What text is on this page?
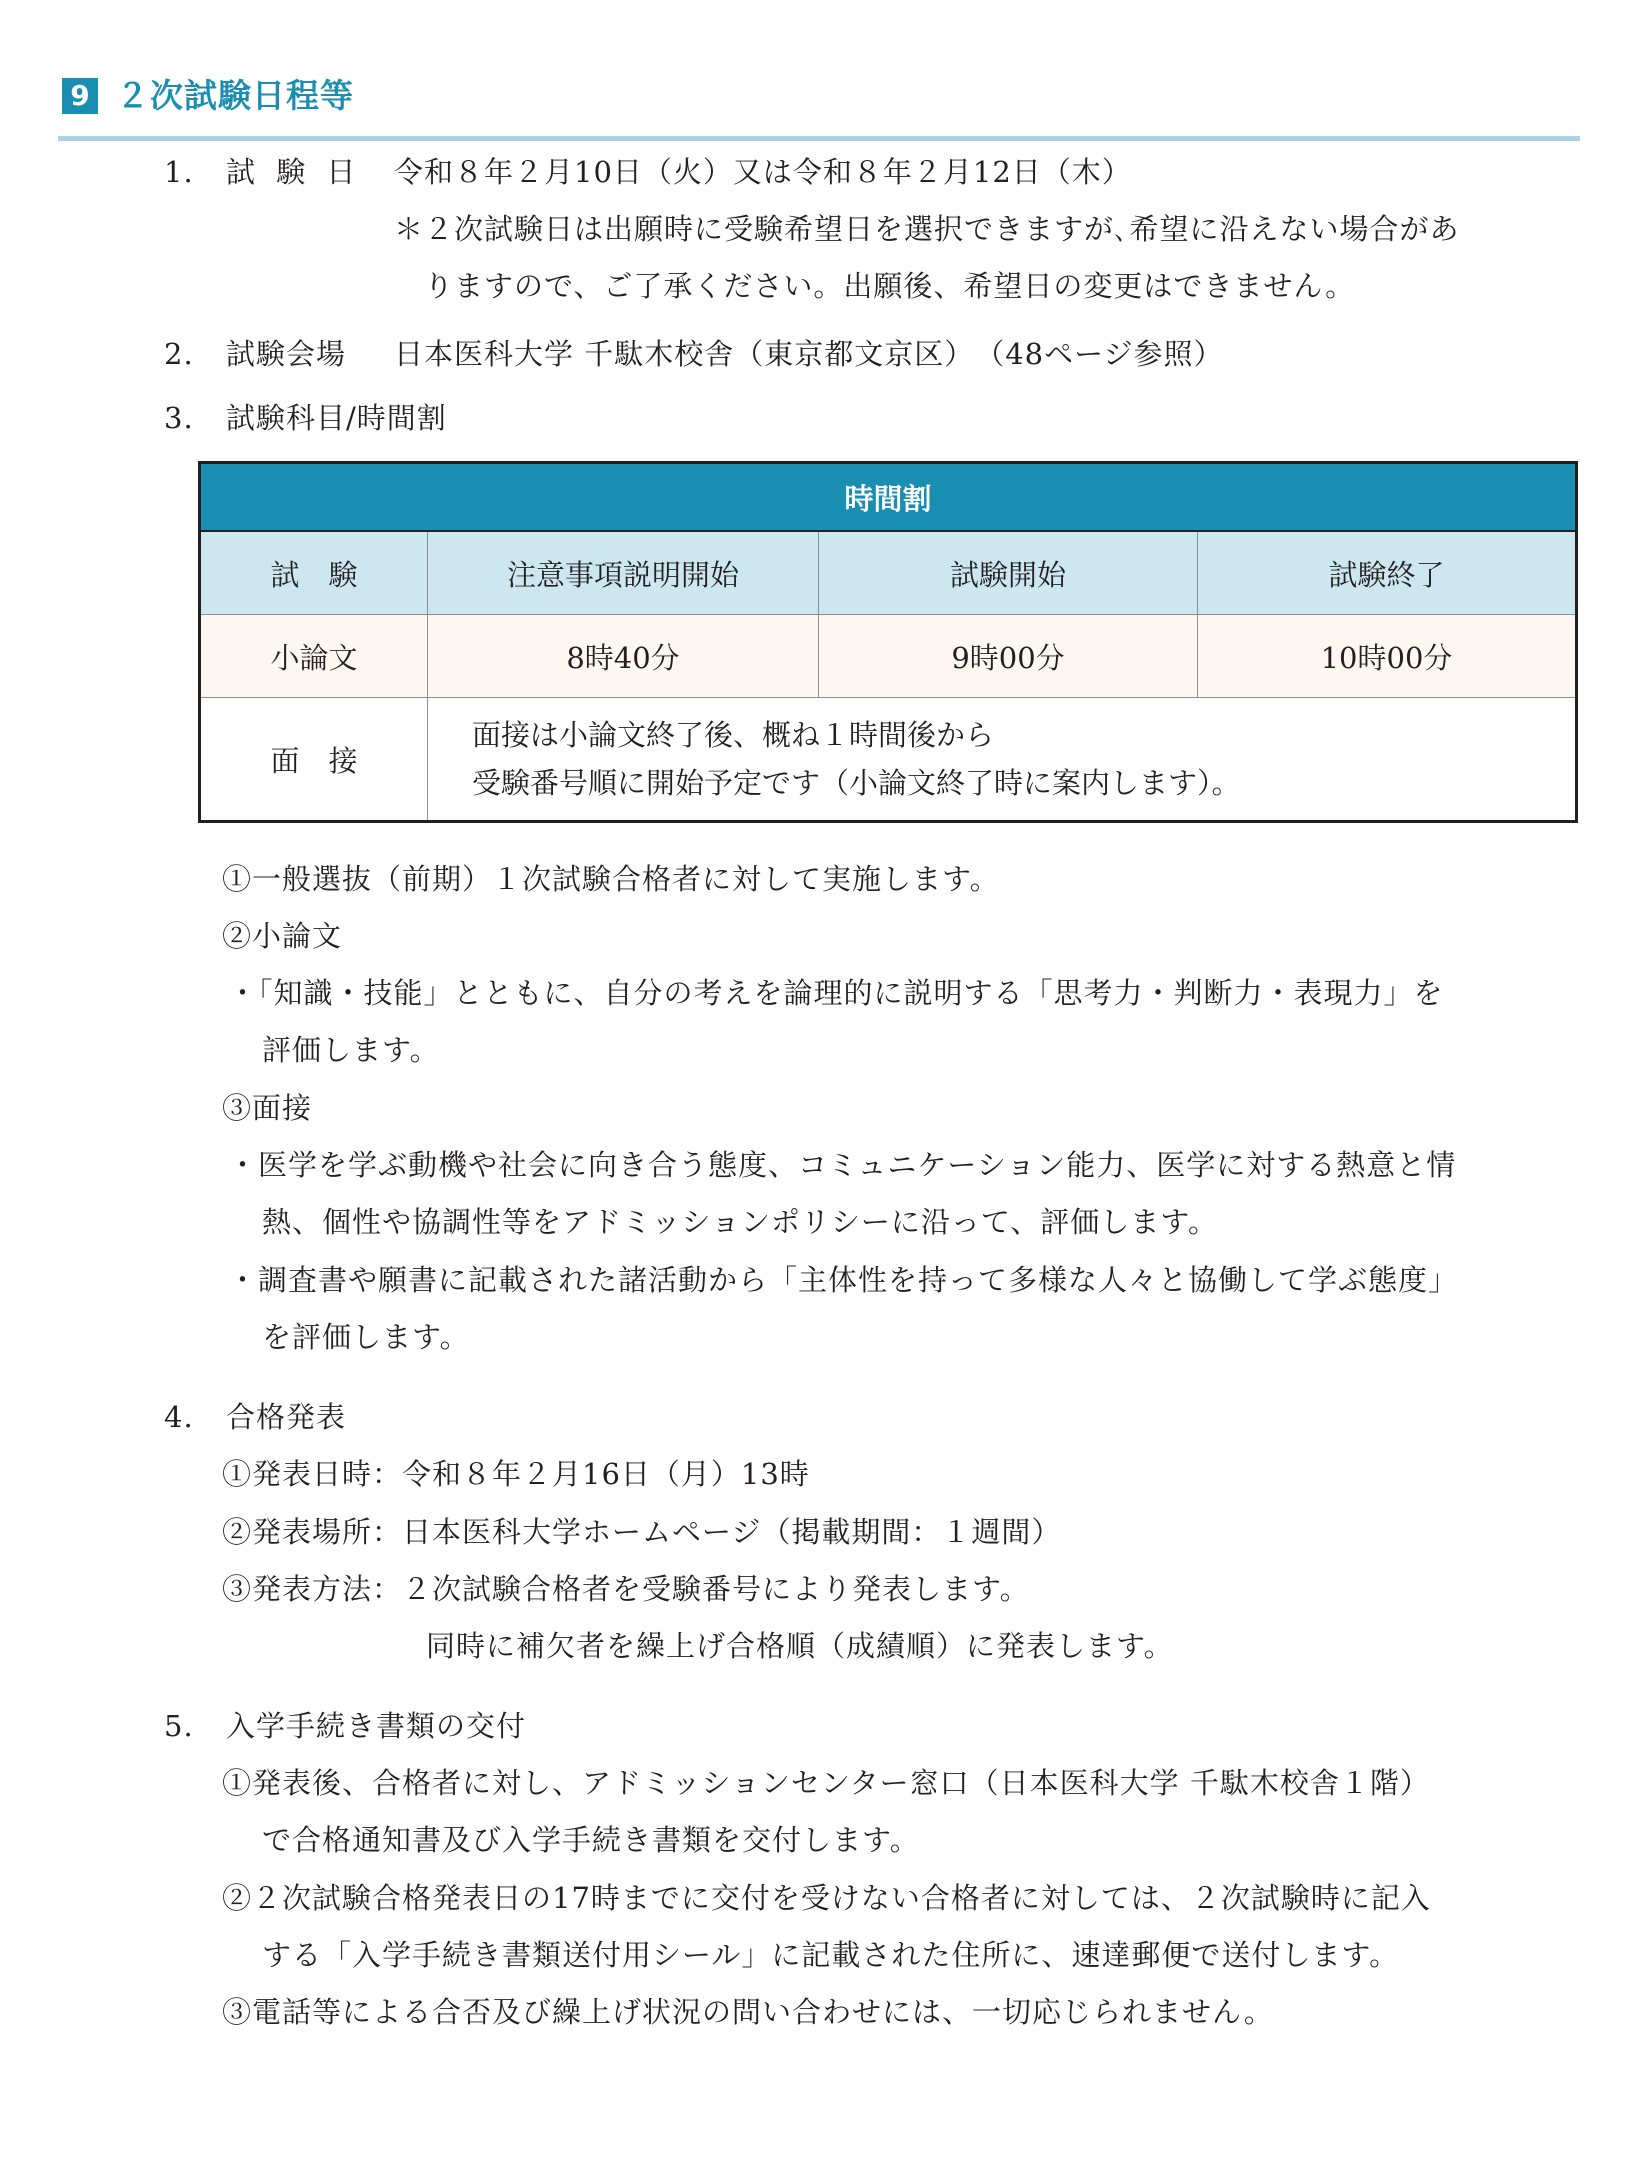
9 ２次試験日程等
1. 試 験 日 令和８年２月10日（火）又は令和８年２月12日（木）
＊２次試験日は出願時に受験希望日を選択できますが､希望に沿えない場合があ
りますので、ご了承ください。出願後、希望日の変更はできません。
2. 試験会場 日本医科大学 千駄木校舎（東京都文京区）　（48ページ参照）
3. 試験科目/時間割
時間割			
試　験	注意事項説明開始	試験開始	試験終了
小論文	8時40分	9時00分	10時00分
面　接	面接は小論文終了後、概ね１時間後から
受験番号順に開始予定です（小論文終了時に案内します）。		
①一般選抜（前期）１次試験合格者に対して実施します。
②小論文
・「知識・技能」とともに、自分の考えを論理的に説明する「思考力・判断力・表現力」を
評価します。
③面接
・医学を学ぶ動機や社会に向き合う態度、コミュニケーション能力、医学に対する熱意と情
熱、個性や協調性等をアドミッションポリシーに沿って、評価します。
・調査書や願書に記載された諸活動から「主体性を持って多様な人々と協働して学ぶ態度」
を評価します。
4. 合格発表
①発表日時：令和８年２月16日（月）13時
②発表場所：日本医科大学ホームページ（掲載期間：１週間）
③発表方法：２次試験合格者を受験番号により発表します。
同時に補欠者を繰上げ合格順（成績順）に発表します。
5. 入学手続き書類の交付
①発表後、合格者に対し、アドミッションセンター窓口（日本医科大学 千駄木校舎１階）
で合格通知書及び入学手続き書類を交付します。
②２次試験合格発表日の17時までに交付を受けない合格者に対しては、２次試験時に記入
する「入学手続き書類送付用シール」に記載された住所に、速達郵便で送付します。
③電話等による合否及び繰上げ状況の問い合わせには、一切応じられません。
